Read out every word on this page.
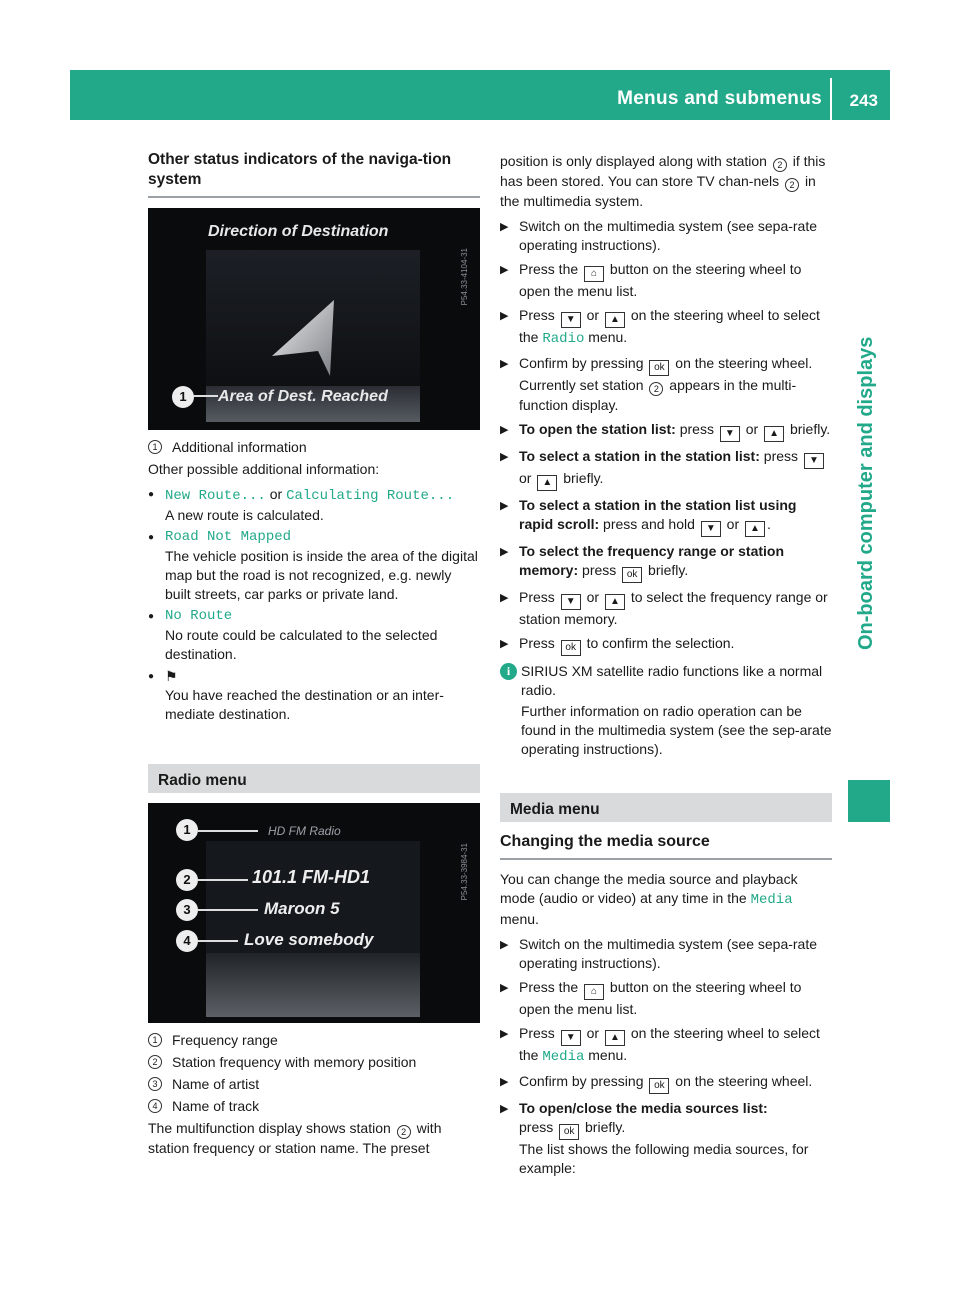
Menus and submenus 243
On-board computer and displays
Other status indicators of the naviga-tion system
Direction of Destination
1	Area of Dest. Reached
P54.33-4104-31
1	Additional information

Other possible additional information:

● New Route... or Calculating Route...
A new route is calculated.
● Road Not Mapped
The vehicle position is inside the area of the digital map but the road is not recognized, e.g. newly built streets, car parks or private land.
● No Route
No route could be calculated to the selected destination.
● ⚑
You have reached the destination or an inter-mediate destination.
Radio menu
1
2
3
4
HD FM Radio
101.1 FM-HD1
Maroon 5
Love somebody
P54.33-3984-31
1	Frequency range
2	Station frequency with memory position
3	Name of artist
4	Name of track

The multifunction display shows station 2 with station frequency or station name. The preset

position is only displayed along with station 2 if this has been stored. You can store TV chan-nels 2 in the multimedia system.

▶ Switch on the multimedia system (see sepa-rate operating instructions).
▶ Press the ⌂ button on the steering wheel to open the menu list.
▶ Press ▼ or ▲ on the steering wheel to select the Radio menu.
▶ Confirm by pressing ok on the steering wheel.
Currently set station 2 appears in the multi-function display.
▶ To open the station list: press ▼ or ▲ briefly.
▶ To select a station in the station list: press ▼ or ▲ briefly.
▶ To select a station in the station list using rapid scroll: press and hold ▼ or ▲ .
▶ To select the frequency range or station memory: press ok briefly.
▶ Press ▼ or ▲ to select the frequency range or station memory.
▶ Press ok to confirm the selection.
i SIRIUS XM satellite radio functions like a normal radio.

Further information on radio operation can be found in the multimedia system (see the sep-arate operating instructions).
Media menu
Changing the media source

You can change the media source and playback mode (audio or video) at any time in the Media
menu.

▶ Switch on the multimedia system (see sepa-rate operating instructions).
▶ Press the ⌂ button on the steering wheel to open the menu list.
▶ Press ▼ or ▲ on the steering wheel to select the Media menu.
▶ Confirm by pressing ok on the steering wheel.
▶ To open/close the media sources list:
press ok briefly.
The list shows the following media sources, for example:
